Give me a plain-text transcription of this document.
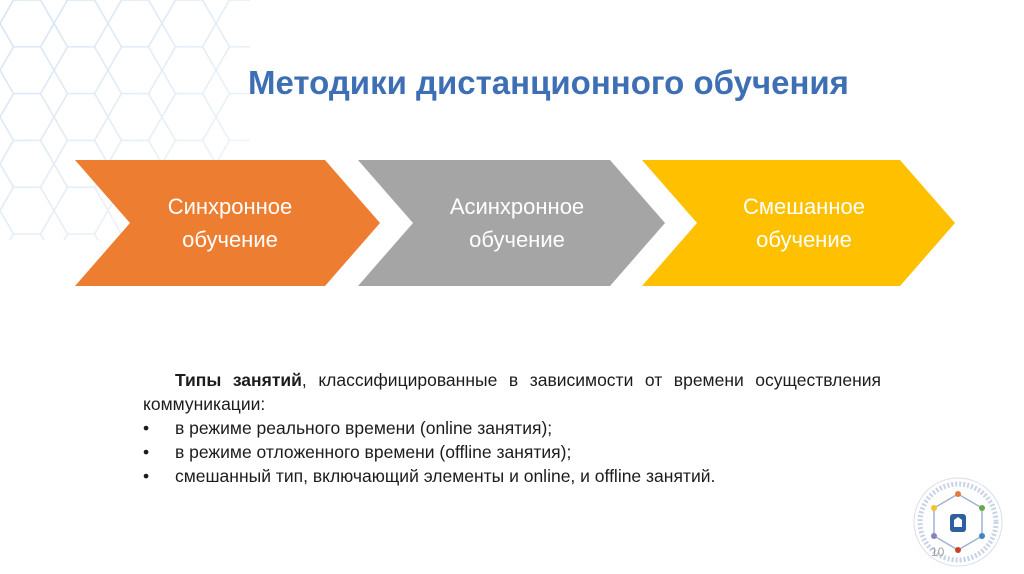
Методики дистанционного обучения
Синхронное
обучение
Асинхронное
обучение
Смешанное
обучение

Типы занятий, классифицированные в зависимости от времени осуществления коммуникации:

•	в режиме реального времени (online занятия);
•	в режиме отложенного времени (offline занятия);
•	смешанный тип, включающий элементы и online, и offline занятий.
10
